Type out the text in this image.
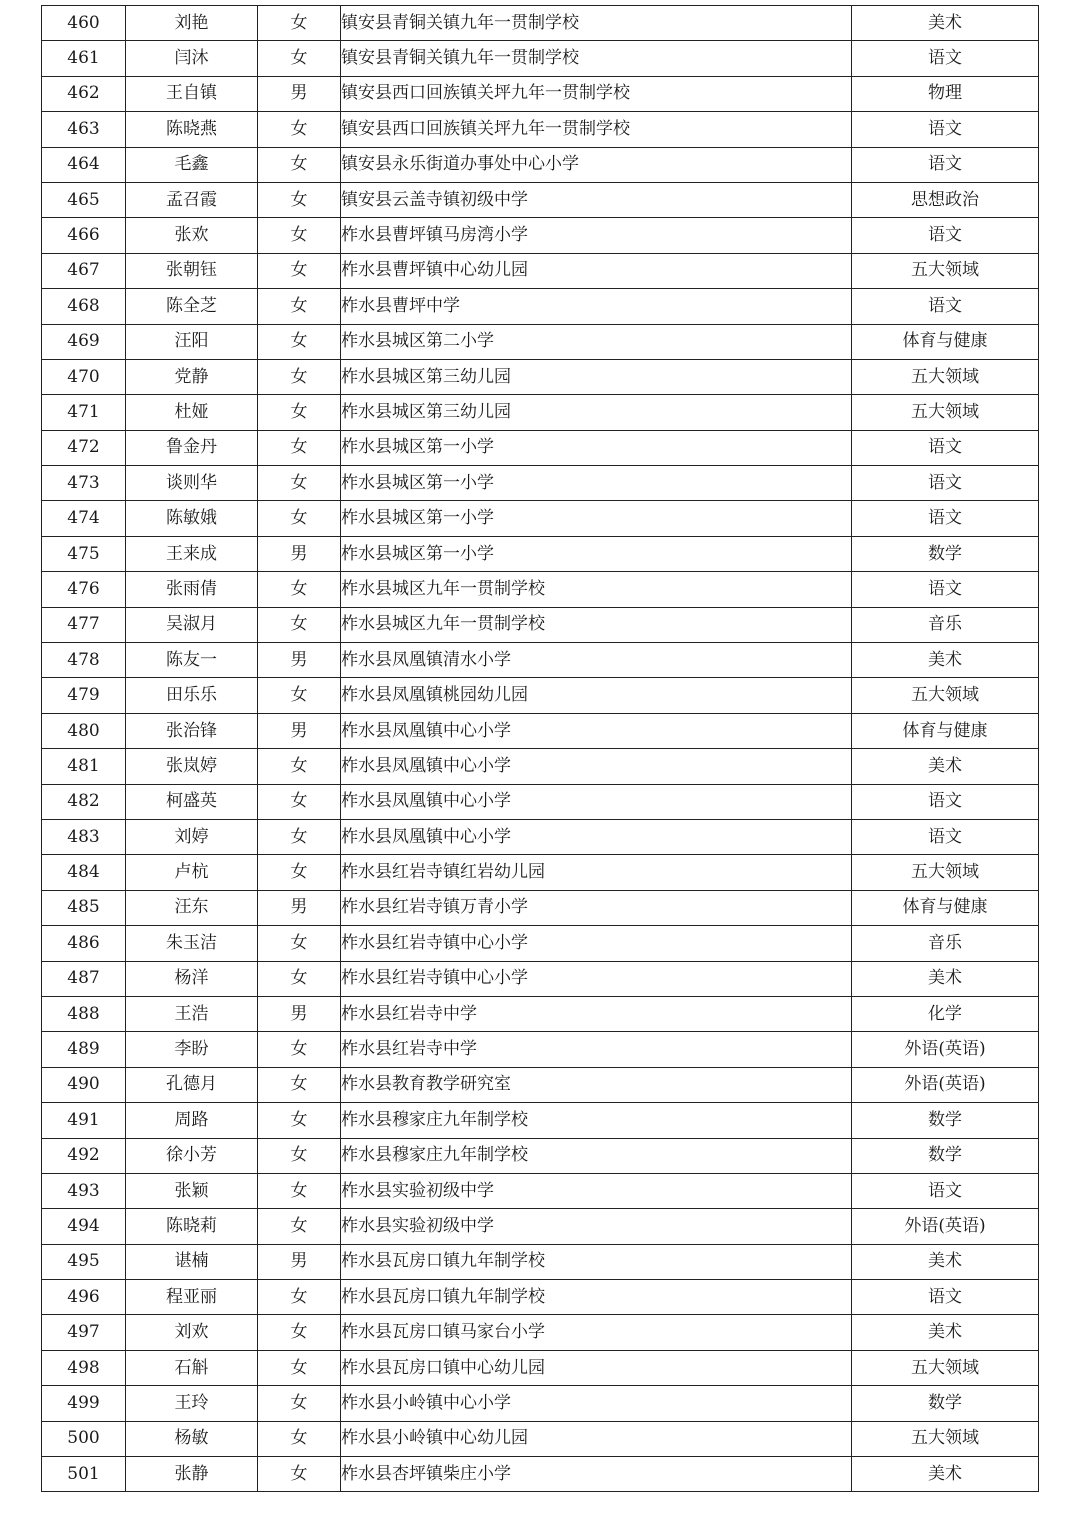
460	刘艳	女	镇安县青铜关镇九年一贯制学校	美术
461	闫沐	女	镇安县青铜关镇九年一贯制学校	语文
462	王自镇	男	镇安县西口回族镇关坪九年一贯制学校	物理
463	陈晓燕	女	镇安县西口回族镇关坪九年一贯制学校	语文
464	毛鑫	女	镇安县永乐街道办事处中心小学	语文
465	孟召霞	女	镇安县云盖寺镇初级中学	思想政治
466	张欢	女	柞水县曹坪镇马房湾小学	语文
467	张朝钰	女	柞水县曹坪镇中心幼儿园	五大领域
468	陈全芝	女	柞水县曹坪中学	语文
469	汪阳	女	柞水县城区第二小学	体育与健康
470	党静	女	柞水县城区第三幼儿园	五大领域
471	杜娅	女	柞水县城区第三幼儿园	五大领域
472	鲁金丹	女	柞水县城区第一小学	语文
473	谈则华	女	柞水县城区第一小学	语文
474	陈敏娥	女	柞水县城区第一小学	语文
475	王来成	男	柞水县城区第一小学	数学
476	张雨倩	女	柞水县城区九年一贯制学校	语文
477	吴淑月	女	柞水县城区九年一贯制学校	音乐
478	陈友一	男	柞水县凤凰镇清水小学	美术
479	田乐乐	女	柞水县凤凰镇桃园幼儿园	五大领域
480	张治锋	男	柞水县凤凰镇中心小学	体育与健康
481	张岚婷	女	柞水县凤凰镇中心小学	美术
482	柯盛英	女	柞水县凤凰镇中心小学	语文
483	刘婷	女	柞水县凤凰镇中心小学	语文
484	卢杭	女	柞水县红岩寺镇红岩幼儿园	五大领域
485	汪东	男	柞水县红岩寺镇万青小学	体育与健康
486	朱玉洁	女	柞水县红岩寺镇中心小学	音乐
487	杨洋	女	柞水县红岩寺镇中心小学	美术
488	王浩	男	柞水县红岩寺中学	化学
489	李盼	女	柞水县红岩寺中学	外语(英语)
490	孔德月	女	柞水县教育教学研究室	外语(英语)
491	周路	女	柞水县穆家庄九年制学校	数学
492	徐小芳	女	柞水县穆家庄九年制学校	数学
493	张颖	女	柞水县实验初级中学	语文
494	陈晓莉	女	柞水县实验初级中学	外语(英语)
495	谌楠	男	柞水县瓦房口镇九年制学校	美术
496	程亚丽	女	柞水县瓦房口镇九年制学校	语文
497	刘欢	女	柞水县瓦房口镇马家台小学	美术
498	石斛	女	柞水县瓦房口镇中心幼儿园	五大领域
499	王玲	女	柞水县小岭镇中心小学	数学
500	杨敏	女	柞水县小岭镇中心幼儿园	五大领域
501	张静	女	柞水县杏坪镇柴庄小学	美术
